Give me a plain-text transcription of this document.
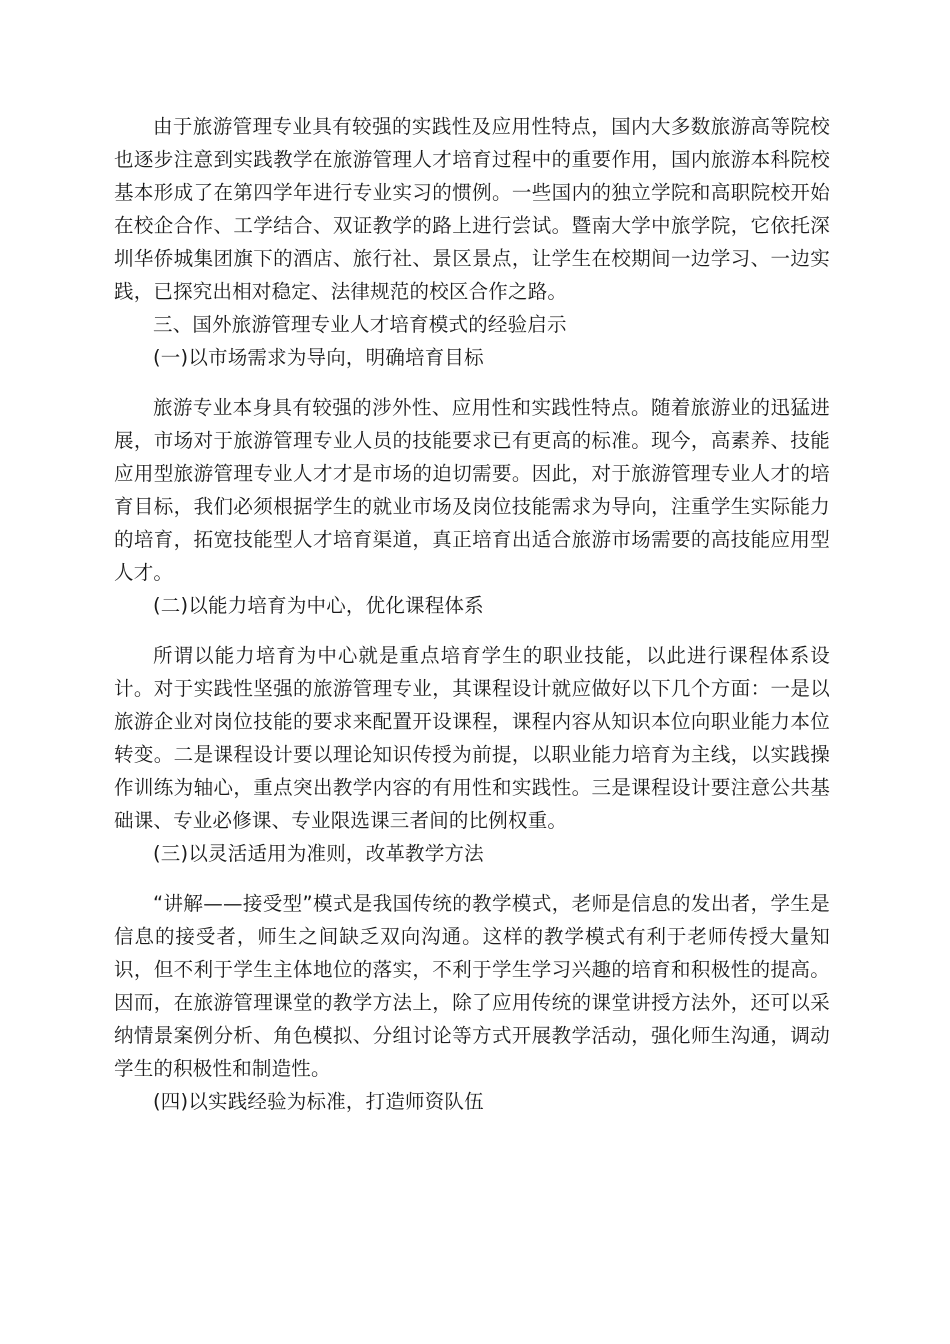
由于旅游管理专业具有较强的实践性及应用性特点，国内大多数旅游高等院校也逐步注意到实践教学在旅游管理人才培育过程中的重要作用，国内旅游本科院校基本形成了在第四学年进行专业实习的惯例。一些国内的独立学院和高职院校开始在校企合作、工学结合、双证教学的路上进行尝试。暨南大学中旅学院，它依托深圳华侨城集团旗下的酒店、旅行社、景区景点，让学生在校期间一边学习、一边实践，已探究出相对稳定、法律规范的校区合作之路。

三、国外旅游管理专业人才培育模式的经验启示

(一)以市场需求为导向，明确培育目标

旅游专业本身具有较强的涉外性、应用性和实践性特点。随着旅游业的迅猛进展，市场对于旅游管理专业人员的技能要求已有更高的标准。现今，高素养、技能应用型旅游管理专业人才才是市场的迫切需要。因此，对于旅游管理专业人才的培育目标，我们必须根据学生的就业市场及岗位技能需求为导向，注重学生实际能力的培育，拓宽技能型人才培育渠道，真正培育出适合旅游市场需要的高技能应用型人才。

(二)以能力培育为中心，优化课程体系

所谓以能力培育为中心就是重点培育学生的职业技能，以此进行课程体系设计。对于实践性坚强的旅游管理专业，其课程设计就应做好以下几个方面：一是以旅游企业对岗位技能的要求来配置开设课程，课程内容从知识本位向职业能力本位转变。二是课程设计要以理论知识传授为前提，以职业能力培育为主线，以实践操作训练为轴心，重点突出教学内容的有用性和实践性。三是课程设计要注意公共基础课、专业必修课、专业限选课三者间的比例权重。

(三)以灵活适用为准则，改革教学方法

“讲解——接受型”模式是我国传统的教学模式，老师是信息的发出者，学生是信息的接受者，师生之间缺乏双向沟通。这样的教学模式有利于老师传授大量知识，但不利于学生主体地位的落实，不利于学生学习兴趣的培育和积极性的提高。因而，在旅游管理课堂的教学方法上，除了应用传统的课堂讲授方法外，还可以采纳情景案例分析、角色模拟、分组讨论等方式开展教学活动，强化师生沟通，调动学生的积极性和制造性。

(四)以实践经验为标准，打造师资队伍
